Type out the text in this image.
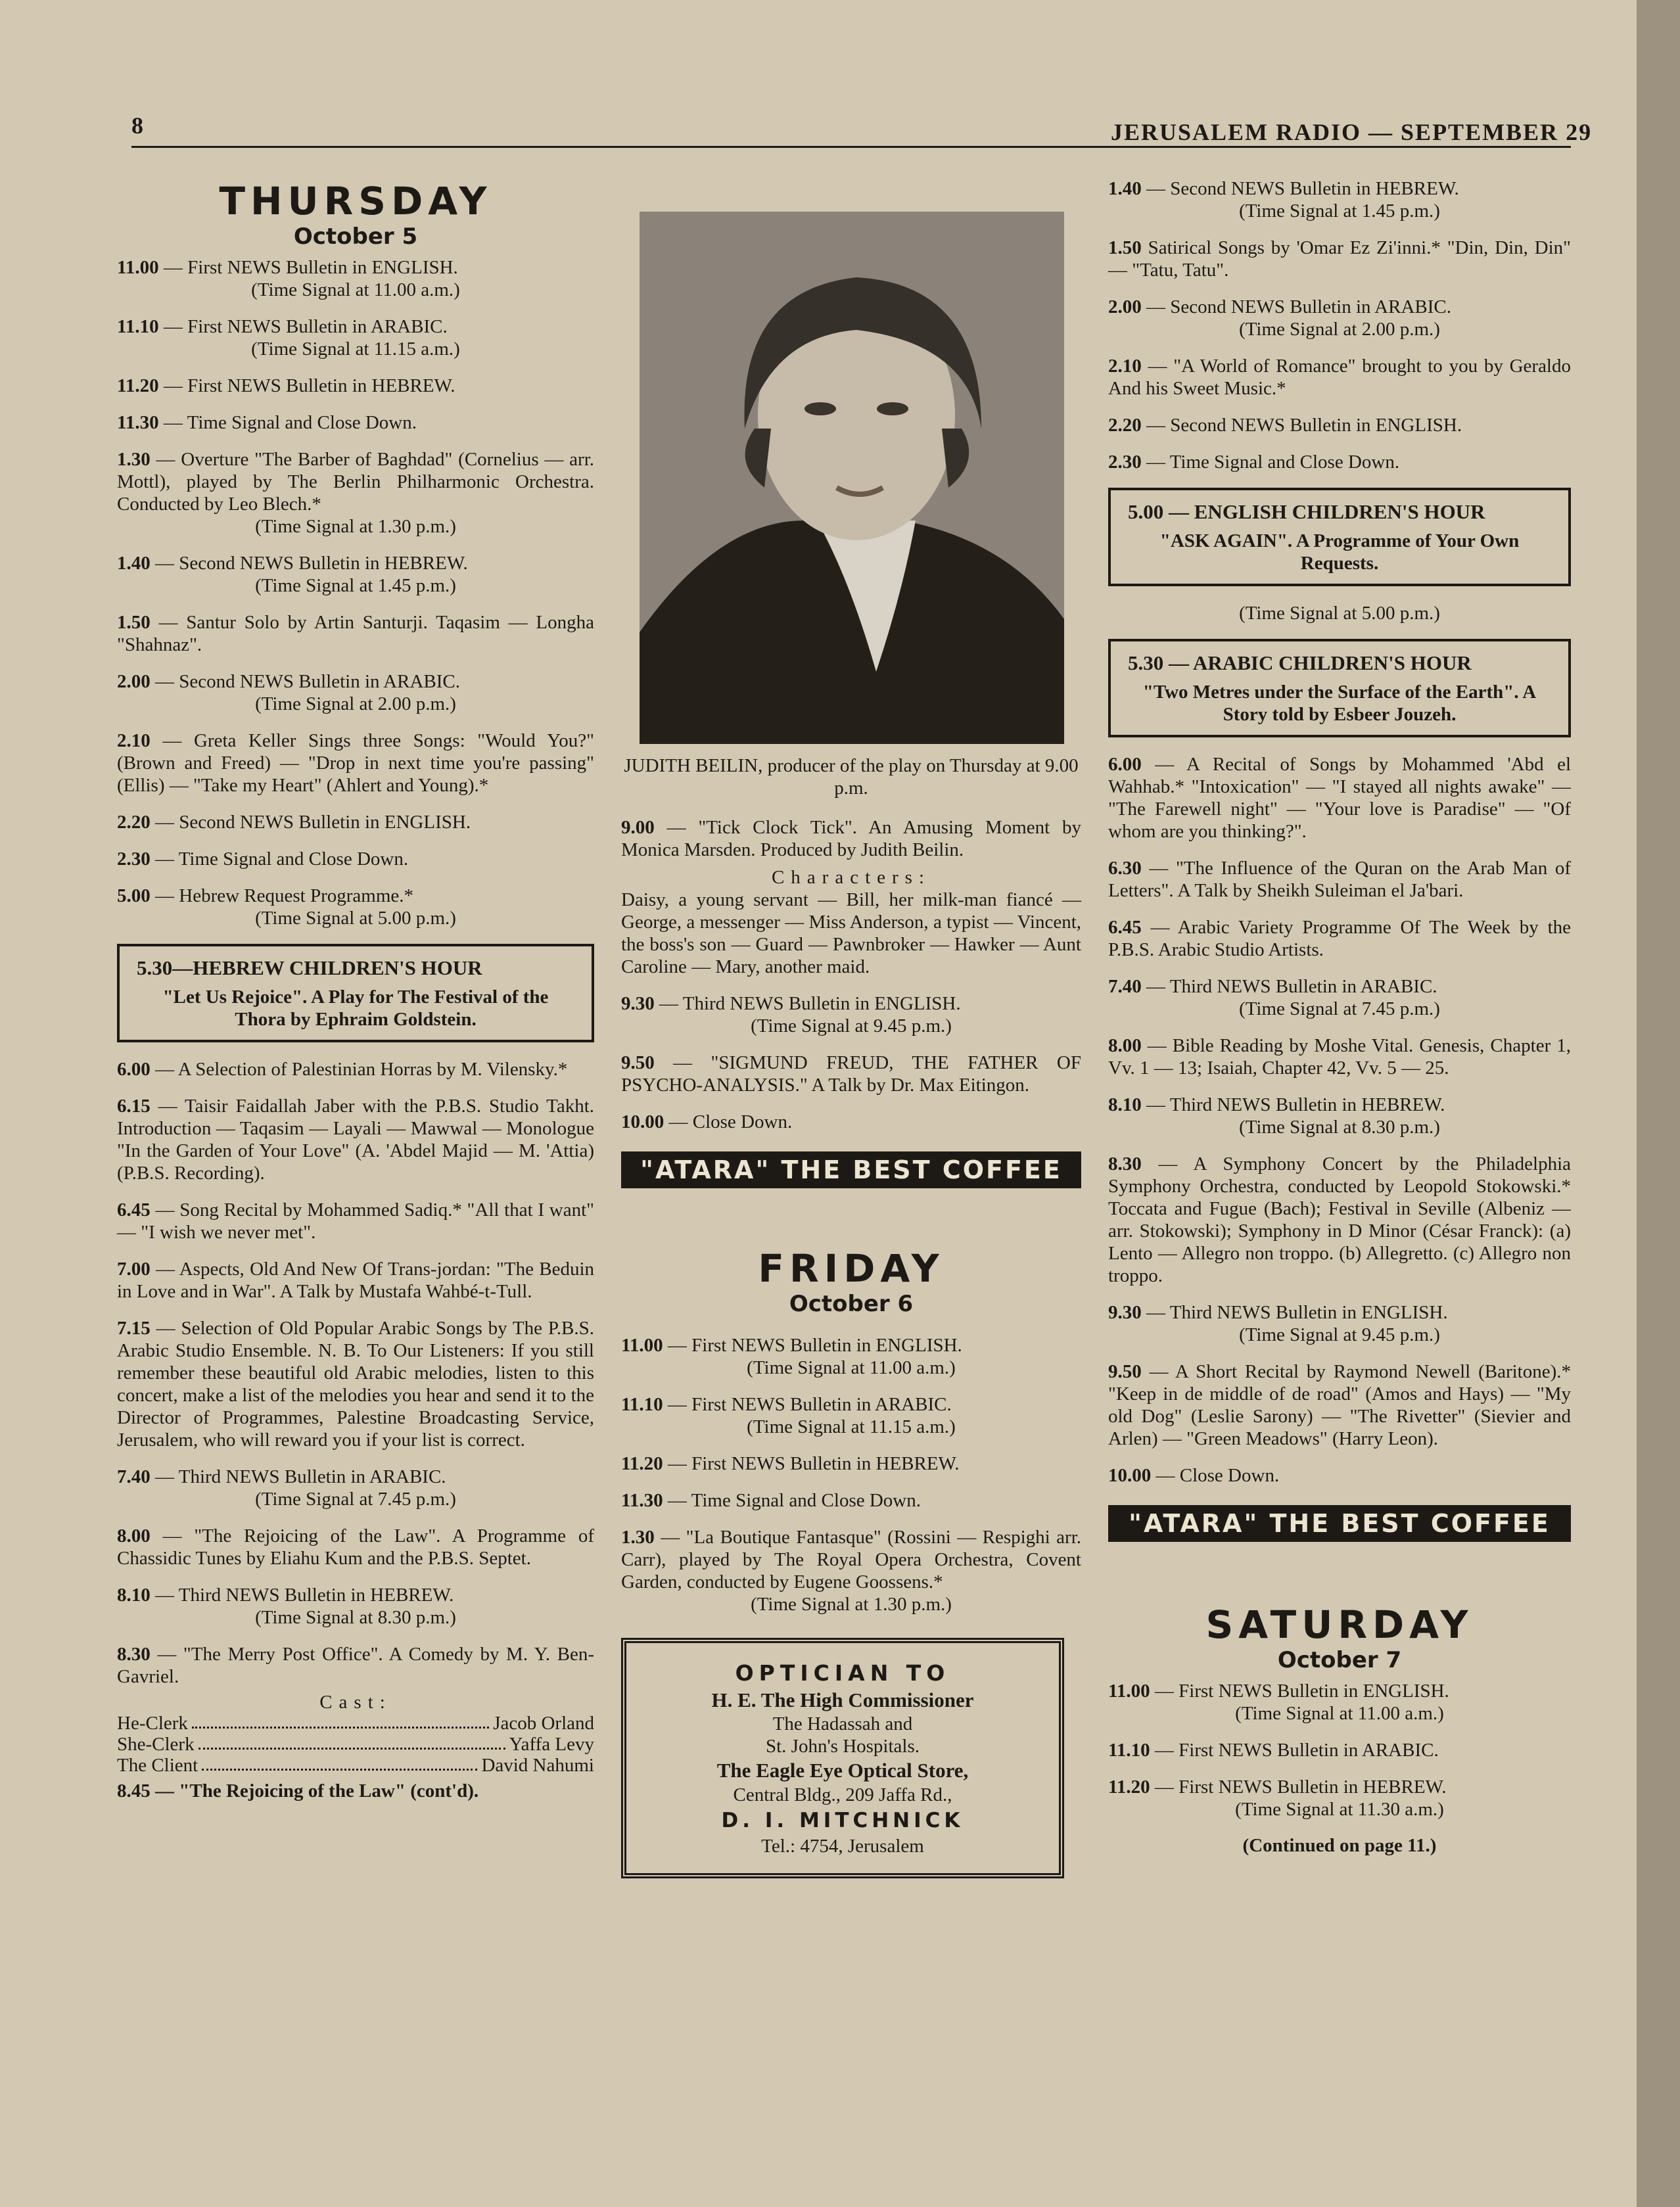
8	JERUSALEM RADIO — SEPTEMBER 29
THURSDAY
October 5
11.00 — First NEWS Bulletin in ENGLISH.
(Time Signal at 11.00 a.m.)
11.10 — First NEWS Bulletin in ARABIC.
(Time Signal at 11.15 a.m.)
11.20 — First NEWS Bulletin in HEBREW.
11.30 — Time Signal and Close Down.
1.30 — Overture "The Barber of Baghdad" (Cornelius — arr. Mottl), played by The Berlin Philharmonic Orchestra. Conducted by Leo Blech.*
(Time Signal at 1.30 p.m.)
1.40 — Second NEWS Bulletin in HEBREW.
(Time Signal at 1.45 p.m.)
1.50 — Santur Solo by Artin Santurji. Taqasim — Longha "Shahnaz".
2.00 — Second NEWS Bulletin in ARABIC.
(Time Signal at 2.00 p.m.)
2.10 — Greta Keller Sings three Songs: "Would You?" (Brown and Freed) — "Drop in next time you're passing" (Ellis) — "Take my Heart" (Ahlert and Young).*
2.20 — Second NEWS Bulletin in ENGLISH.
2.30 — Time Signal and Close Down.
5.00 — Hebrew Request Programme.*
(Time Signal at 5.00 p.m.)
5.30—HEBREW CHILDREN'S HOUR
"Let Us Rejoice". A Play for The Festival of the Thora by Ephraim Goldstein.
6.00 — A Selection of Palestinian Horras by M. Vilensky.*
6.15 — Taisir Faidallah Jaber with the P.B.S. Studio Takht. Introduction — Taqasim — Layali — Mawwal — Monologue "In the Garden of Your Love" (A. 'Abdel Majid — M. 'Attia) (P.B.S. Recording).
6.45 — Song Recital by Mohammed Sadiq.* "All that I want" — "I wish we never met".
7.00 — Aspects, Old And New Of Trans-jordan: "The Beduin in Love and in War". A Talk by Mustafa Wahbé-t-Tull.
7.15 — Selection of Old Popular Arabic Songs by The P.B.S. Arabic Studio Ensemble. N. B. To Our Listeners: If you still remember these beautiful old Arabic melodies, listen to this concert, make a list of the melodies you hear and send it to the Director of Programmes, Palestine Broadcasting Service, Jerusalem, who will reward you if your list is correct.
7.40 — Third NEWS Bulletin in ARABIC.
(Time Signal at 7.45 p.m.)
8.00 — "The Rejoicing of the Law". A Programme of Chassidic Tunes by Eliahu Kum and the P.B.S. Septet.
8.10 — Third NEWS Bulletin in HEBREW.
(Time Signal at 8.30 p.m.)
8.30 — "The Merry Post Office". A Comedy by M. Y. Ben-Gavriel.
Cast:
He-Clerk	Jacob Orland
She-Clerk	Yaffa Levy
The Client	David Nahumi
8.45 — "The Rejoicing of the Law" (cont'd).
JUDITH BEILIN, producer of the play on Thursday at 9.00 p.m.
9.00 — "Tick Clock Tick". An Amusing Moment by Monica Marsden. Produced by Judith Beilin.
Characters:
Daisy, a young servant — Bill, her milk-man fiancé — George, a messenger — Miss Anderson, a typist — Vincent, the boss's son — Guard — Pawnbroker — Hawker — Aunt Caroline — Mary, another maid.
9.30 — Third NEWS Bulletin in ENGLISH.
(Time Signal at 9.45 p.m.)
9.50 — "SIGMUND FREUD, THE FATHER OF PSYCHO-ANALYSIS." A Talk by Dr. Max Eitingon.
10.00 — Close Down.
"ATARA" THE BEST COFFEE
FRIDAY
October 6
11.00 — First NEWS Bulletin in ENGLISH.
(Time Signal at 11.00 a.m.)
11.10 — First NEWS Bulletin in ARABIC.
(Time Signal at 11.15 a.m.)
11.20 — First NEWS Bulletin in HEBREW.
11.30 — Time Signal and Close Down.
1.30 — "La Boutique Fantasque" (Rossini — Respighi arr. Carr), played by The Royal Opera Orchestra, Covent Garden, conducted by Eugene Goossens.*
(Time Signal at 1.30 p.m.)
OPTICIAN TO
H. E. The High Commissioner
The Hadassah and
St. John's Hospitals.
The Eagle Eye Optical Store,
Central Bldg., 209 Jaffa Rd.,
D. I. MITCHNICK
Tel.: 4754, Jerusalem
1.40 — Second NEWS Bulletin in HEBREW.
(Time Signal at 1.45 p.m.)
1.50 Satirical Songs by 'Omar Ez Zi'inni.* "Din, Din, Din" — "Tatu, Tatu".
2.00 — Second NEWS Bulletin in ARABIC.
(Time Signal at 2.00 p.m.)
2.10 — "A World of Romance" brought to you by Geraldo And his Sweet Music.*
2.20 — Second NEWS Bulletin in ENGLISH.
2.30 — Time Signal and Close Down.
5.00 — ENGLISH CHILDREN'S HOUR
"ASK AGAIN". A Programme of Your Own Requests.
(Time Signal at 5.00 p.m.)
5.30 — ARABIC CHILDREN'S HOUR
"Two Metres under the Surface of the Earth". A Story told by Esbeer Jouzeh.
6.00 — A Recital of Songs by Mohammed 'Abd el Wahhab.* "Intoxication" — "I stayed all nights awake" — "The Farewell night" — "Your love is Paradise" — "Of whom are you thinking?".
6.30 — "The Influence of the Quran on the Arab Man of Letters". A Talk by Sheikh Suleiman el Ja'bari.
6.45 — Arabic Variety Programme Of The Week by the P.B.S. Arabic Studio Artists.
7.40 — Third NEWS Bulletin in ARABIC.
(Time Signal at 7.45 p.m.)
8.00 — Bible Reading by Moshe Vital. Genesis, Chapter 1, Vv. 1 — 13; Isaiah, Chapter 42, Vv. 5 — 25.
8.10 — Third NEWS Bulletin in HEBREW.
(Time Signal at 8.30 p.m.)
8.30 — A Symphony Concert by the Philadelphia Symphony Orchestra, conducted by Leopold Stokowski.* Toccata and Fugue (Bach); Festival in Seville (Albeniz — arr. Stokowski); Symphony in D Minor (César Franck): (a) Lento — Allegro non troppo. (b) Allegretto. (c) Allegro non troppo.
9.30 — Third NEWS Bulletin in ENGLISH.
(Time Signal at 9.45 p.m.)
9.50 — A Short Recital by Raymond Newell (Baritone).* "Keep in de middle of de road" (Amos and Hays) — "My old Dog" (Leslie Sarony) — "The Rivetter" (Sievier and Arlen) — "Green Meadows" (Harry Leon).
10.00 — Close Down.
"ATARA" THE BEST COFFEE
SATURDAY
October 7
11.00 — First NEWS Bulletin in ENGLISH.
(Time Signal at 11.00 a.m.)
11.10 — First NEWS Bulletin in ARABIC.
11.20 — First NEWS Bulletin in HEBREW.
(Time Signal at 11.30 a.m.)
(Continued on page 11.)
